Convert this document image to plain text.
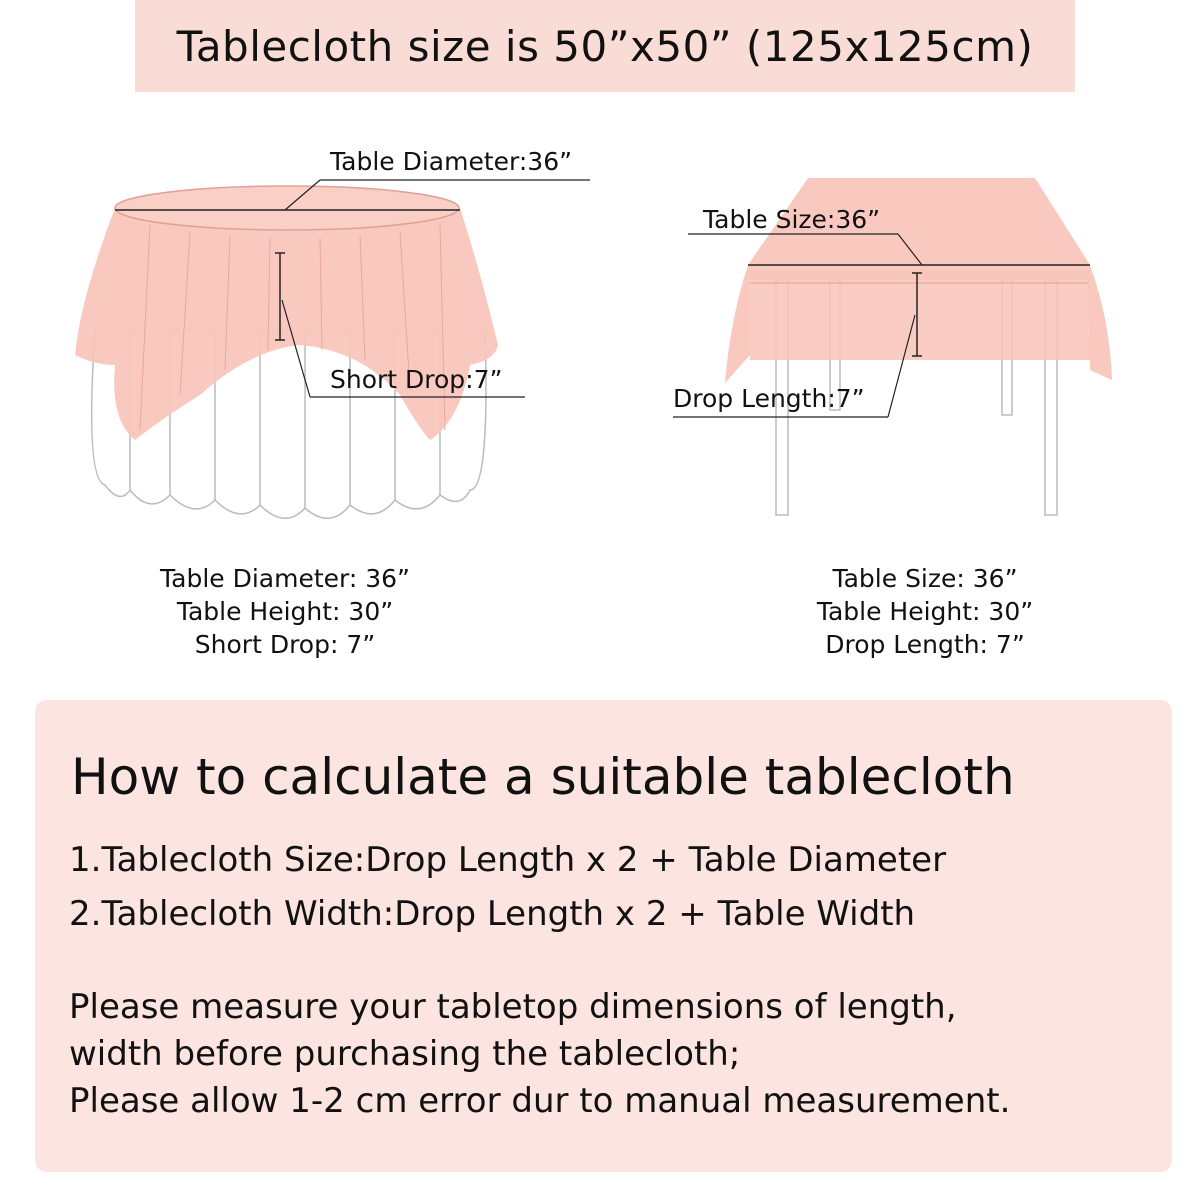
Tablecloth size is 50”x50” (125x125cm)
Table Diameter:36”
Short Drop:7”
Table Size:36”
Drop Length:7”
Table Diameter: 36”
Table Height: 30”
Short Drop: 7”
Table Size: 36”
Table Height: 30”
Drop Length: 7”
How to calculate a suitable tablecloth
1.Tablecloth Size:Drop Length x 2 + Table Diameter
2.Tablecloth Width:Drop Length x 2 + Table Width
Please measure your tabletop dimensions of length,
width before purchasing the tablecloth;
Please allow 1-2 cm error dur to manual measurement.
